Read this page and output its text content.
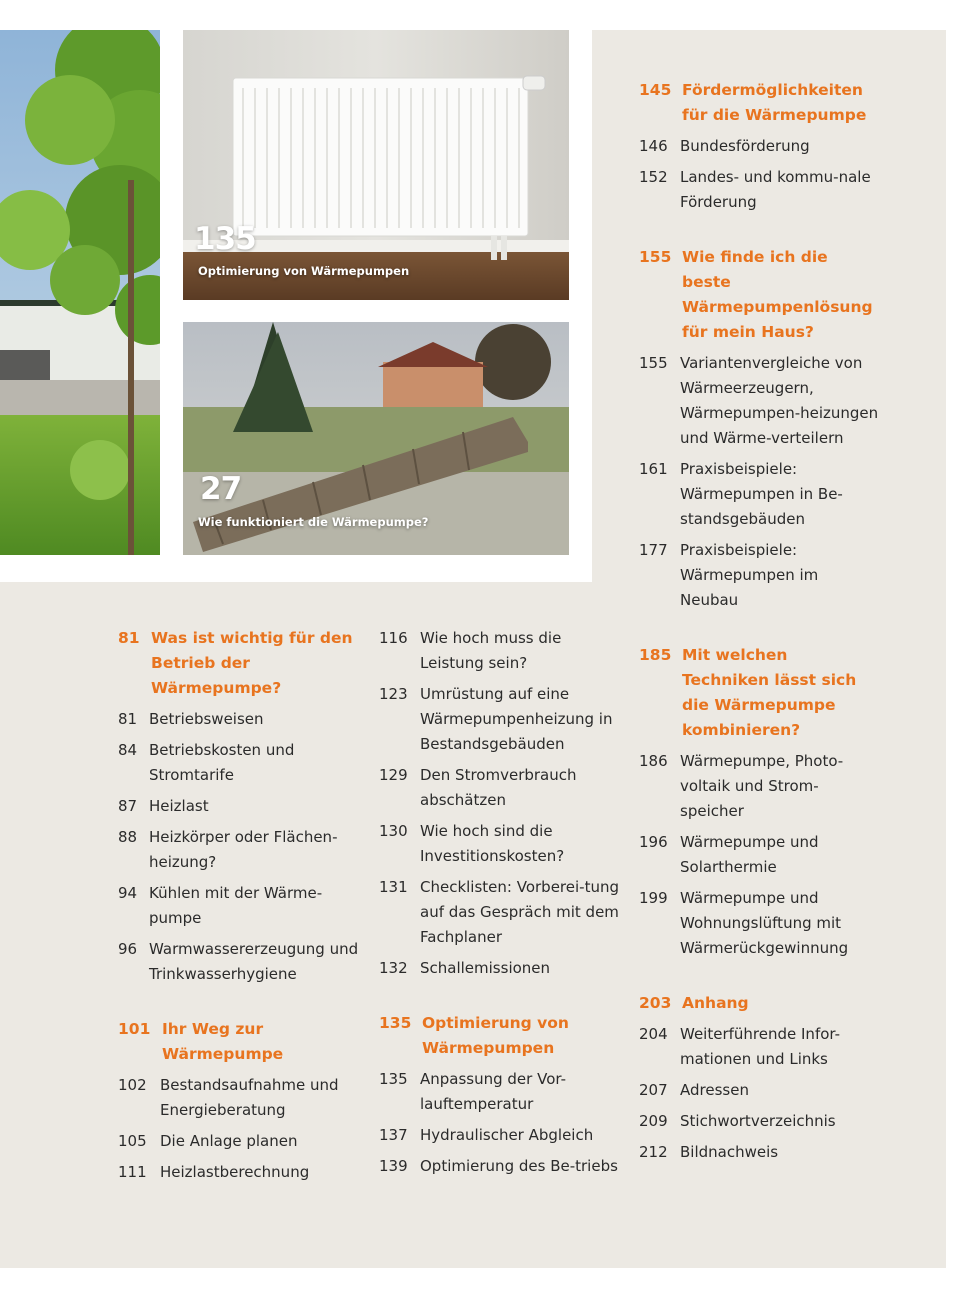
135
Optimierung von Wärmepumpen
27
Wie funktioniert die Wärmepumpe?
81 Was ist wichtig für den Betrieb der Wärmepumpe?
81 Betriebsweisen
84 Betriebskosten und Stromtarife
87 Heizlast
88 Heizkörper oder Flächen-heizung?
94 Kühlen mit der Wärme-pumpe
96 Warmwassererzeugung und Trinkwasserhygiene
101 Ihr Weg zur Wärmepumpe
102 Bestandsaufnahme und Energieberatung
105 Die Anlage planen
111 Heizlastberechnung
116 Wie hoch muss die Leistung sein?
123 Umrüstung auf eine Wärmepumpenheizung in Bestandsgebäuden
129 Den Stromverbrauch abschätzen
130 Wie hoch sind die Investitionskosten?
131 Checklisten: Vorberei-tung auf das Gespräch mit dem Fachplaner
132 Schallemissionen
135 Optimierung von Wärmepumpen
135 Anpassung der Vor-lauftemperatur
137 Hydraulischer Abgleich
139 Optimierung des Be-triebs
145 Fördermöglichkeiten für die Wärmepumpe
146 Bundesförderung
152 Landes- und kommu-nale Förderung
155 Wie finde ich die beste Wärmepumpenlösung für mein Haus?
155 Variantenvergleiche von Wärmeerzeugern, Wärmepumpen-heizungen und Wärme-verteilern
161 Praxisbeispiele: Wärmepumpen in Be-standsgebäuden
177 Praxisbeispiele: Wärmepumpen im Neubau
185 Mit welchen Techniken lässt sich die Wärmepumpe kombinieren?
186 Wärmepumpe, Photo-voltaik und Strom-speicher
196 Wärmepumpe und Solarthermie
199 Wärmepumpe und Wohnungslüftung mit Wärmerückgewinnung
203 Anhang
204 Weiterführende Infor-mationen und Links
207 Adressen
209 Stichwortverzeichnis
212 Bildnachweis
